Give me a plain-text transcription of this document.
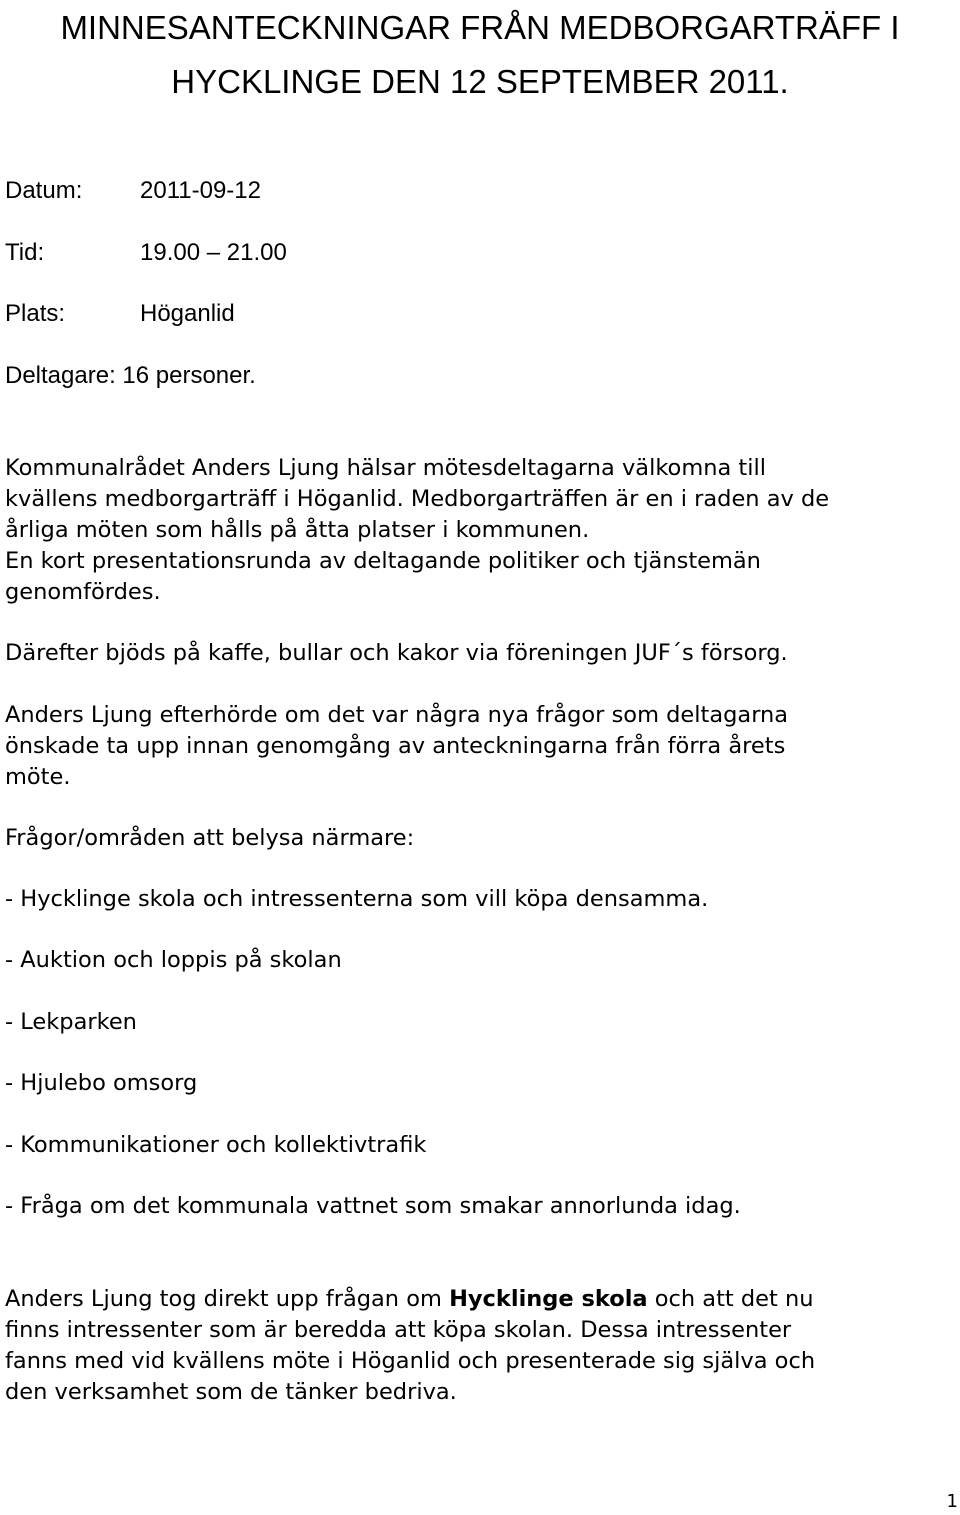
MINNESANTECKNINGAR FRÅN MEDBORGARTRÄFF I
HYCKLINGE DEN 12 SEPTEMBER 2011.
Datum: 2011-09-12
Tid:	19.00 – 21.00
Plats:	Höganlid
Deltagare: 16 personer.
Kommunalrådet Anders Ljung hälsar mötesdeltagarna välkomna till
kvällens medborgarträff i Höganlid. Medborgarträffen är en i raden av de
årliga möten som hålls på åtta platser i kommunen.
En kort presentationsrunda av deltagande politiker och tjänstemän
genomfördes.
Därefter bjöds på kaffe, bullar och kakor via föreningen JUF´s försorg.
Anders Ljung efterhörde om det var några nya frågor som deltagarna
önskade ta upp innan genomgång av anteckningarna från förra årets
möte.
Frågor/områden att belysa närmare:
- Hycklinge skola och intressenterna som vill köpa densamma.
- Auktion och loppis på skolan
- Lekparken
- Hjulebo omsorg
- Kommunikationer och kollektivtrafik
- Fråga om det kommunala vattnet som smakar annorlunda idag.
Anders Ljung tog direkt upp frågan om Hycklinge skola och att det nu
finns intressenter som är beredda att köpa skolan. Dessa intressenter
fanns med vid kvällens möte i Höganlid och presenterade sig själva och
den verksamhet som de tänker bedriva.
1
